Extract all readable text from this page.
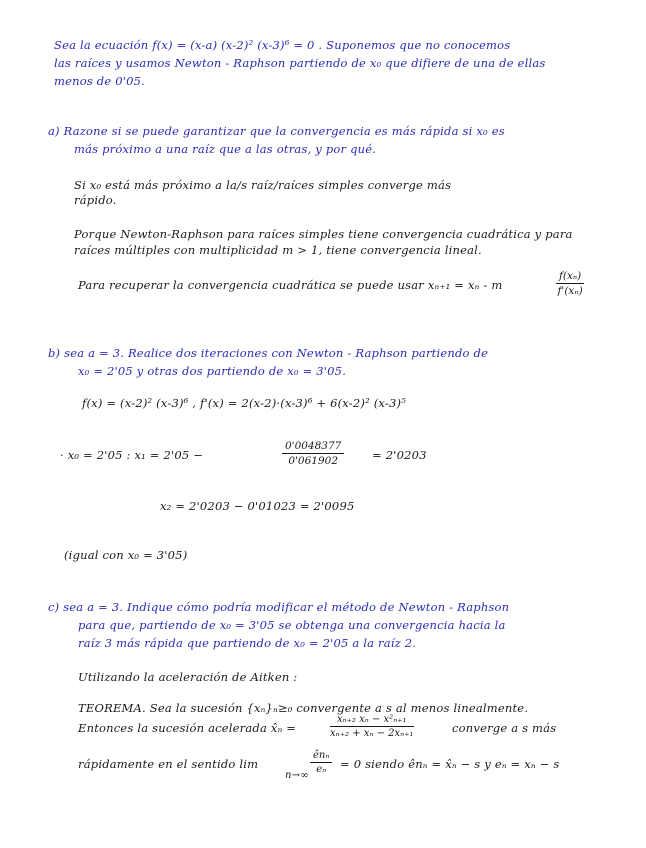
Sea la ecuación f(x) = (x-a) (x-2)² (x-3)⁶ = 0 . Suponemos que no conocemos
las raíces y usamos Newton - Raphson partiendo de x₀ que difiere de una de ellas
menos de 0'05.
a) Razone si se puede garantizar que la convergencia es más rápida si x₀ es
más próximo a una raíz que a las otras, y por qué.
Si x₀ está más próximo a la/s raíz/raíces simples converge más
rápido.
Porque Newton-Raphson para raíces simples tiene convergencia cuadrática y para
raíces múltiples con multiplicidad m > 1, tiene convergencia lineal.
Para recuperar la convergencia cuadrática se puede usar xₙ₊₁ = xₙ - m	$\frac{\text{f(xₙ)}}{\text{f'(xₙ)}}$
b) sea a = 3. Realice dos iteraciones con Newton - Raphson partiendo de
x₀ = 2'05 y otras dos partiendo de x₀ = 3'05.
f(x) = (x-2)² (x-3)⁶ , f'(x) = 2(x-2)·(x-3)⁶ + 6(x-2)² (x-3)⁵
· x₀ = 2'05 : x₁ = 2'05 −	$\frac{0'0048377}{0'061902} = 2'0203$
x₂ = 2'0203 − 0'01023 = 2'0095
(igual con x₀ = 3'05)
c) sea a = 3. Indique cómo podría modificar el método de Newton - Raphson
para que, partiendo de x₀ = 3'05 se obtenga una convergencia hacia la
raíz 3 más rápida que partiendo de x₀ = 2'05 a la raíz 2.
Utilizando la aceleración de Aitken :
TEOREMA. Sea la sucesión {xₙ}ₙ≥₀ convergente a s al menos linealmente.
Entonces la sucesión acelerada x̂ₙ =	$\frac{\text{xₙ₊₂ xₙ − x²ₙ₊₁}}{\text{xₙ₊₂ + xₙ − 2xₙ₊₁}}$	converge a s más
rápidamente en el sentido lim
n→∞
ênₙ
eₙ	= 0 siendo ênₙ = x̂ₙ − s y eₙ = xₙ − s
